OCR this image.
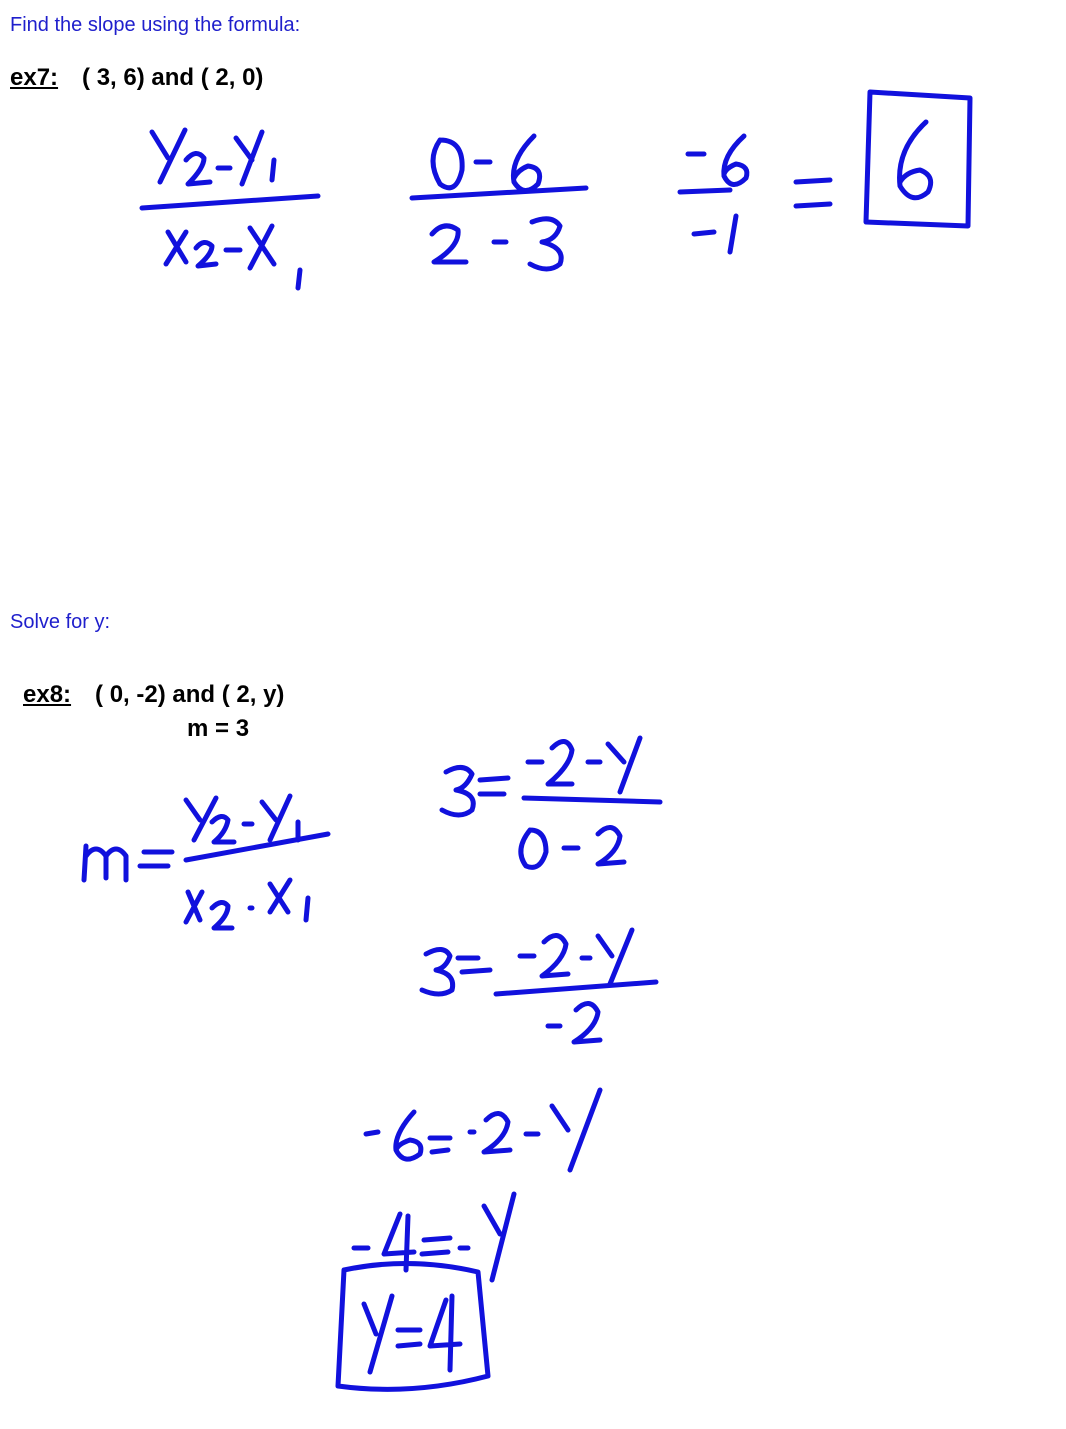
Find the slope using the formula:
ex7: ( 3, 6) and ( 2, 0)
Solve for y:
ex8: ( 0, -2) and ( 2, y)
m = 3
